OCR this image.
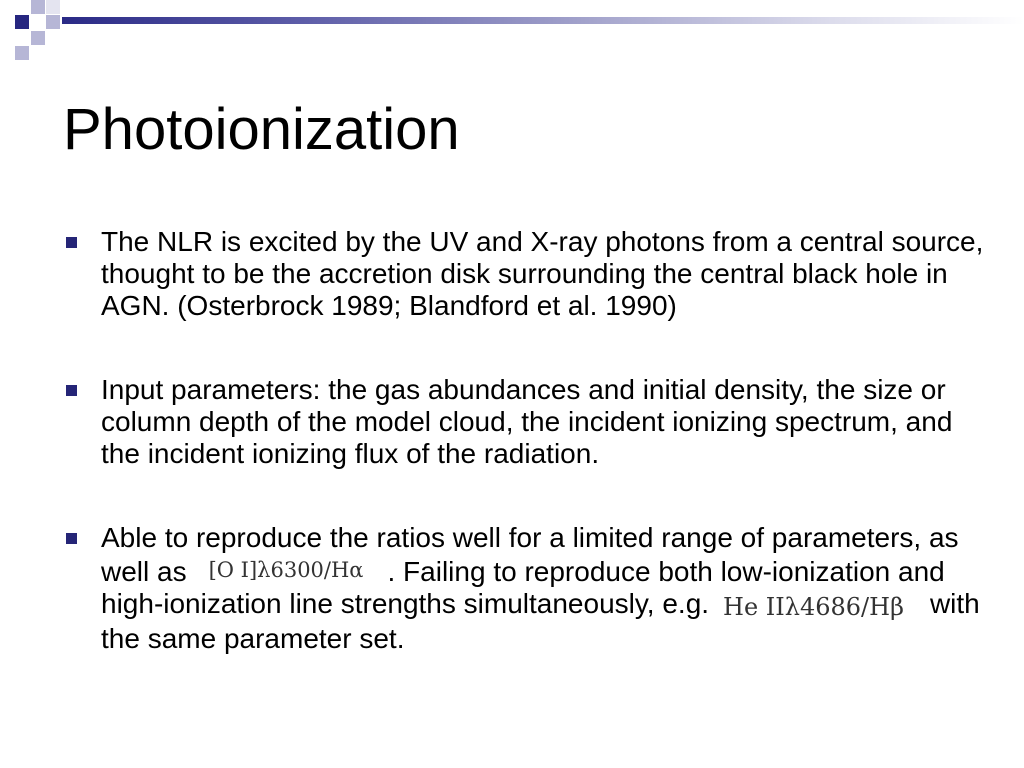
Photoionization
The NLR is excited by the UV and X-ray photons from a central source, thought to be the accretion disk surrounding the central black hole in AGN. (Osterbrock 1989; Blandford et al. 1990)
Input parameters: the gas abundances and initial density, the size or column depth of the model cloud, the incident ionizing spectrum, and the incident ionizing flux of the radiation.
Able to reproduce the ratios well for a limited range of parameters, as well as [O I]λ6300/Hα . Failing to reproduce both low-ionization and high-ionization line strengths simultaneously, e.g. He IIλ4686/Hβ with the same parameter set.
